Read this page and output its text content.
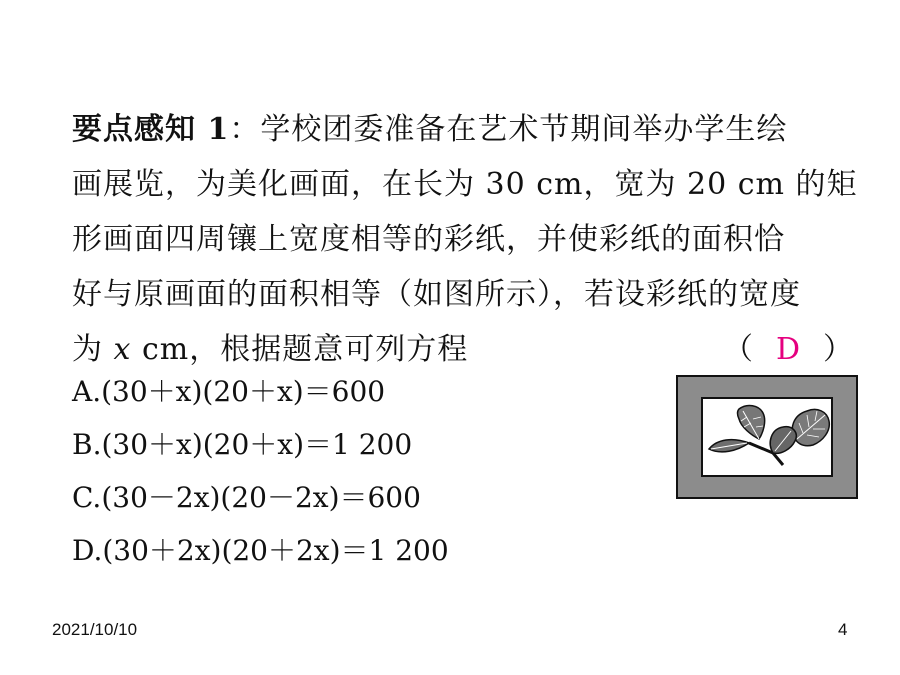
要点感知 1：学校团委准备在艺术节期间举办学生绘
画展览，为美化画面，在长为 30 cm，宽为 20 cm 的矩
形画面四周镶上宽度相等的彩纸，并使彩纸的面积恰
好与原画面的面积相等（如图所示），若设彩纸的宽度
为 x cm，根据题意可列方程	（ D ）
A.(30＋x)(20＋x)＝600
B.(30＋x)(20＋x)＝1 200
C.(30－2x)(20－2x)＝600
D.(30＋2x)(20＋2x)＝1 200
2021/10/10	4
